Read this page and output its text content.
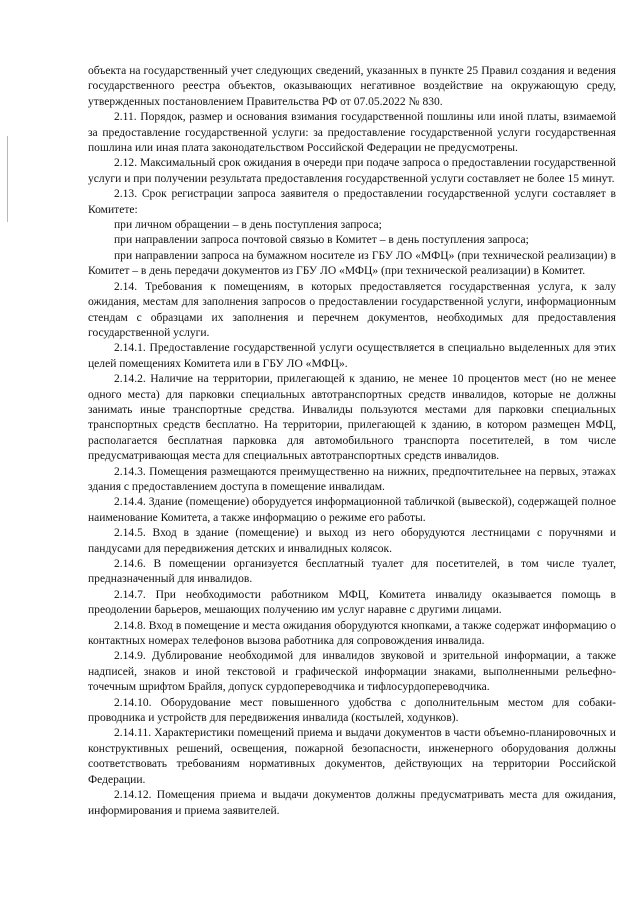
объекта на государственный учет следующих сведений, указанных в пункте 25 Правил создания и ведения государственного реестра объектов, оказывающих негативное воздействие на окружающую среду, утвержденных постановлением Правительства РФ от 07.05.2022 № 830.

2.11. Порядок, размер и основания взимания государственной пошлины или иной платы, взимаемой за предоставление государственной услуги: за предоставление государственной услуги государственная пошлина или иная плата законодательством Российской Федерации не предусмотрены.

2.12. Максимальный срок ожидания в очереди при подаче запроса о предоставлении государственной услуги и при получении результата предоставления государственной услуги составляет не более 15 минут.

2.13. Срок регистрации запроса заявителя о предоставлении государственной услуги составляет в Комитете:

при личном обращении – в день поступления запроса;

при направлении запроса почтовой связью в Комитет – в день поступления запроса;

при направлении запроса на бумажном носителе из ГБУ ЛО «МФЦ» (при технической реализации) в Комитет – в день передачи документов из ГБУ ЛО «МФЦ» (при технической реализации) в Комитет.

2.14. Требования к помещениям, в которых предоставляется государственная услуга, к залу ожидания, местам для заполнения запросов о предоставлении государственной услуги, информационным стендам с образцами их заполнения и перечнем документов, необходимых для предоставления государственной услуги.

2.14.1. Предоставление государственной услуги осуществляется в специально выделенных для этих целей помещениях Комитета или в ГБУ ЛО «МФЦ».

2.14.2. Наличие на территории, прилегающей к зданию, не менее 10 процентов мест (но не менее одного места) для парковки специальных автотранспортных средств инвалидов, которые не должны занимать иные транспортные средства. Инвалиды пользуются местами для парковки специальных транспортных средств бесплатно. На территории, прилегающей к зданию, в котором размещен МФЦ, располагается бесплатная парковка для автомобильного транспорта посетителей, в том числе предусматривающая места для специальных автотранспортных средств инвалидов.

2.14.3. Помещения размещаются преимущественно на нижних, предпочтительнее на первых, этажах здания с предоставлением доступа в помещение инвалидам.

2.14.4. Здание (помещение) оборудуется информационной табличкой (вывеской), содержащей полное наименование Комитета, а также информацию о режиме его работы.

2.14.5. Вход в здание (помещение) и выход из него оборудуются лестницами с поручнями и пандусами для передвижения детских и инвалидных колясок.

2.14.6. В помещении организуется бесплатный туалет для посетителей, в том числе туалет, предназначенный для инвалидов.

2.14.7. При необходимости работником МФЦ, Комитета инвалиду оказывается помощь в преодолении барьеров, мешающих получению им услуг наравне с другими лицами.

2.14.8. Вход в помещение и места ожидания оборудуются кнопками, а также содержат информацию о контактных номерах телефонов вызова работника для сопровождения инвалида.

2.14.9. Дублирование необходимой для инвалидов звуковой и зрительной информации, а также надписей, знаков и иной текстовой и графической информации знаками, выполненными рельефно-точечным шрифтом Брайля, допуск сурдопереводчика и тифлосурдопереводчика.

2.14.10. Оборудование мест повышенного удобства с дополнительным местом для собаки-проводника и устройств для передвижения инвалида (костылей, ходунков).

2.14.11. Характеристики помещений приема и выдачи документов в части объемно-планировочных и конструктивных решений, освещения, пожарной безопасности, инженерного оборудования должны соответствовать требованиям нормативных документов, действующих на территории Российской Федерации.

2.14.12. Помещения приема и выдачи документов должны предусматривать места для ожидания, информирования и приема заявителей.
